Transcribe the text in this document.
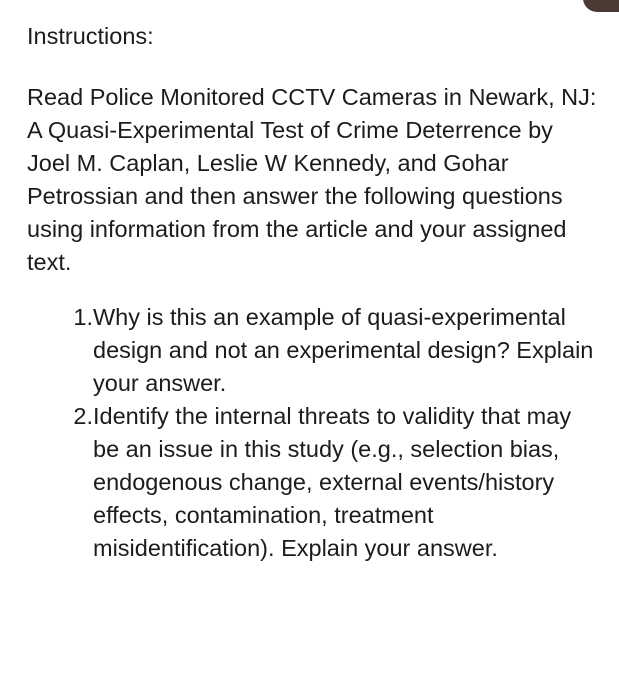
Instructions:

Read Police Monitored CCTV Cameras in Newark, NJ: A Quasi-Experimental Test of Crime Deterrence by Joel M. Caplan, Leslie W Kennedy, and Gohar Petrossian and then answer the following questions using information from the article and your assigned text.

1. Why is this an example of quasi-experimental design and not an experimental design? Explain your answer.
2. Identify the internal threats to validity that may be an issue in this study (e.g., selection bias, endogenous change, external events/history effects, contamination, treatment misidentification). Explain your answer.
